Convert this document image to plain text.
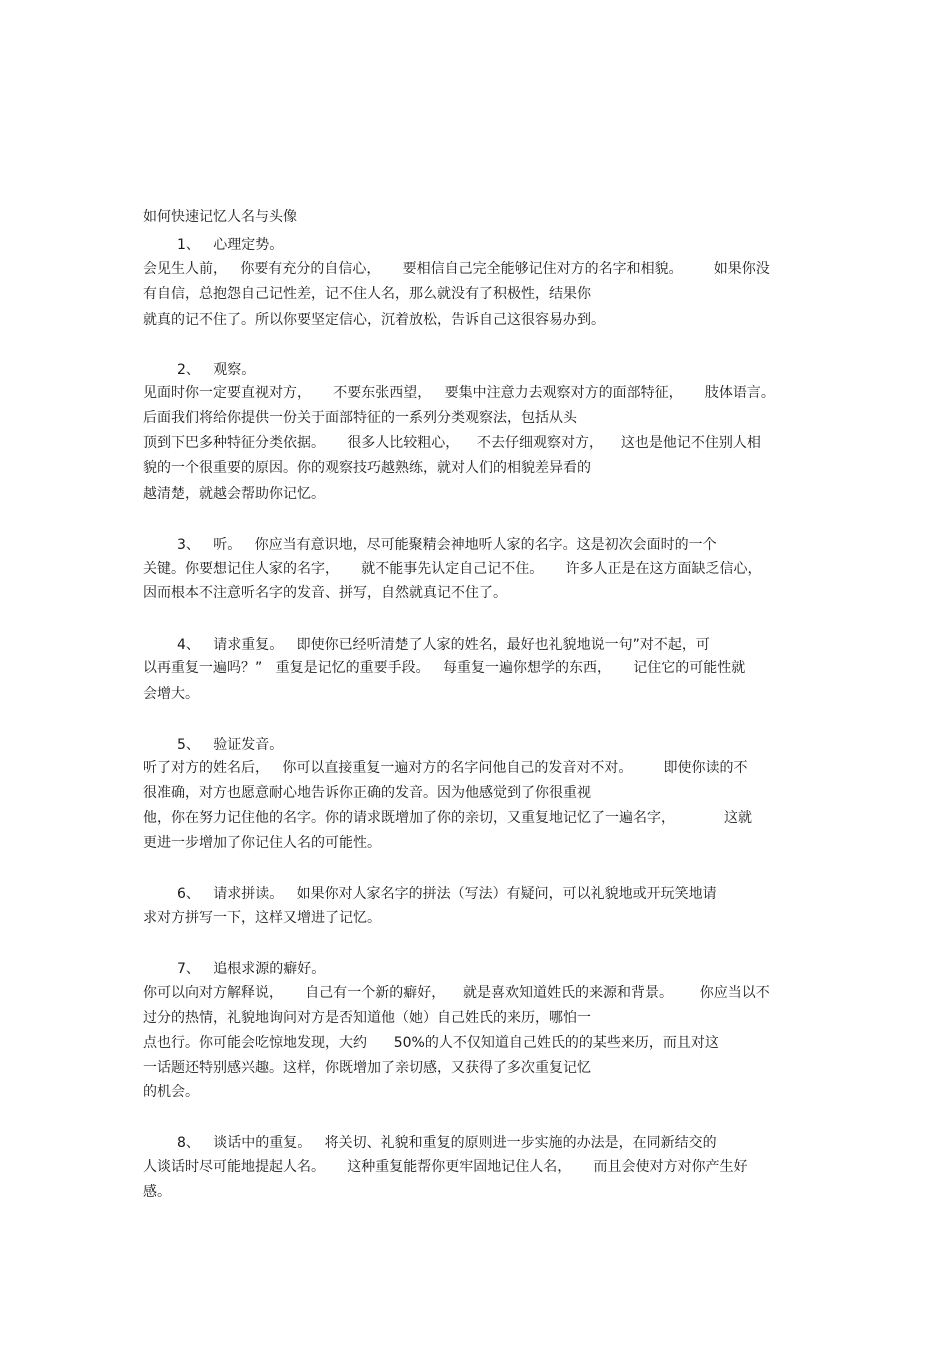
如何快速记忆人名与头像
1、   心理定势。
会见生人前，   你要有充分的自信心，     要相信自己完全能够记住对方的名字和相貌。       如果你没
有自信，总抱怨自己记性差，记不住人名，那么就没有了积极性，结果你
就真的记不住了。所以你要坚定信心，沉着放松，告诉自己这很容易办到。
2、   观察。
见面时你一定要直视对方，     不要东张西望，   要集中注意力去观察对方的面部特征，     肢体语言。
后面我们将给你提供一份关于面部特征的一系列分类观察法，包括从头
顶到下巴多种特征分类依据。     很多人比较粗心，    不去仔细观察对方，    这也是他记不住别人相
貌的一个很重要的原因。你的观察技巧越熟练，就对人们的相貌差异看的
越清楚，就越会帮助你记忆。
3、   听。   你应当有意识地，尽可能聚精会神地听人家的名字。这是初次会面时的一个
关键。你要想记住人家的名字，     就不能事先认定自己记不住。     许多人正是在这方面缺乏信心，
因而根本不注意听名字的发音、拼写，自然就真记不住了。
4、   请求重复。   即使你已经听清楚了人家的姓名，最好也礼貌地说一句”对不起，可
以再重复一遍吗？”   重复是记忆的重要手段。   每重复一遍你想学的东西，     记住它的可能性就
会增大。
5、   验证发音。
听了对方的姓名后，   你可以直接重复一遍对方的名字问他自己的发音对不对。       即使你读的不
很准确，对方也愿意耐心地告诉你正确的发音。因为他感觉到了你很重视
他，你在努力记住他的名字。你的请求既增加了你的亲切，又重复地记忆了一遍名字，           这就
更进一步增加了你记住人名的可能性。
6、   请求拼读。   如果你对人家名字的拼法（写法）有疑问，可以礼貌地或开玩笑地请
求对方拼写一下，这样又增进了记忆。
7、   追根求源的癖好。
你可以向对方解释说，     自己有一个新的癖好，    就是喜欢知道姓氏的来源和背景。      你应当以不
过分的热情，礼貌地询问对方是否知道他（她）自己姓氏的来历，哪怕一
点也行。你可能会吃惊地发现，大约      50%的人不仅知道自己姓氏的的某些来历，而且对这
一话题还特别感兴趣。这样，你既增加了亲切感，又获得了多次重复记忆
的机会。
8、   谈话中的重复。   将关切、礼貌和重复的原则进一步实施的办法是，在同新结交的
人谈话时尽可能地提起人名。     这种重复能帮你更牢固地记住人名，     而且会使对方对你产生好
感。
